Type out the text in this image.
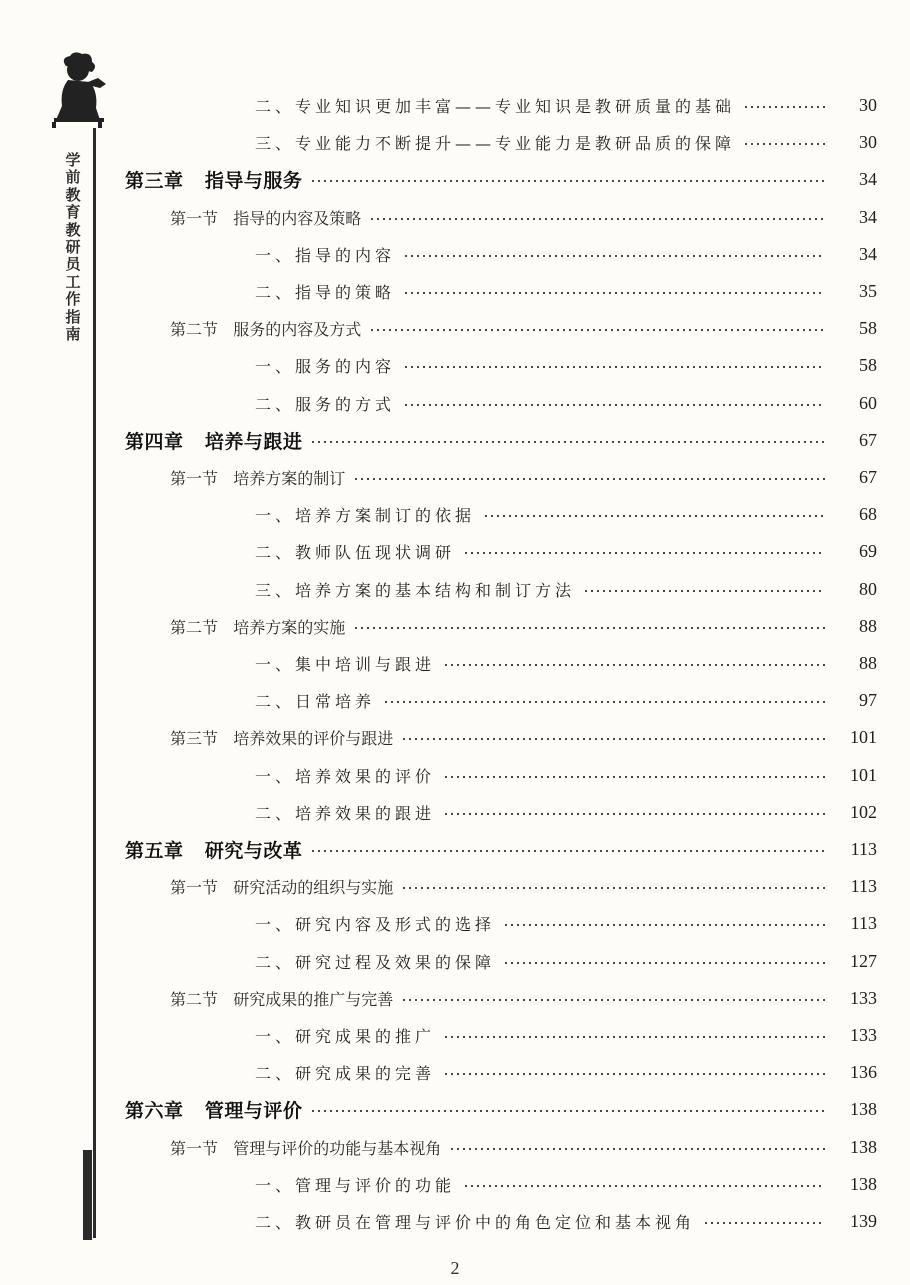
学前教育教研员工作指南
二、专业知识更加丰富——专业知识是教研质量的基础	30
三、专业能力不断提升——专业能力是教研品质的保障	30
第三章   指导与服务	34
第一节   指导的内容及策略	34
一、指导的内容	34
二、指导的策略	35
第二节   服务的内容及方式	58
一、服务的内容	58
二、服务的方式	60
第四章   培养与跟进	67
第一节   培养方案的制订	67
一、培养方案制订的依据	68
二、教师队伍现状调研	69
三、培养方案的基本结构和制订方法	80
第二节   培养方案的实施	88
一、集中培训与跟进	88
二、日常培养	97
第三节   培养效果的评价与跟进	101
一、培养效果的评价	101
二、培养效果的跟进	102
第五章   研究与改革	113
第一节   研究活动的组织与实施	113
一、研究内容及形式的选择	113
二、研究过程及效果的保障	127
第二节   研究成果的推广与完善	133
一、研究成果的推广	133
二、研究成果的完善	136
第六章   管理与评价	138
第一节   管理与评价的功能与基本视角	138
一、管理与评价的功能	138
二、教研员在管理与评价中的角色定位和基本视角	139
2
